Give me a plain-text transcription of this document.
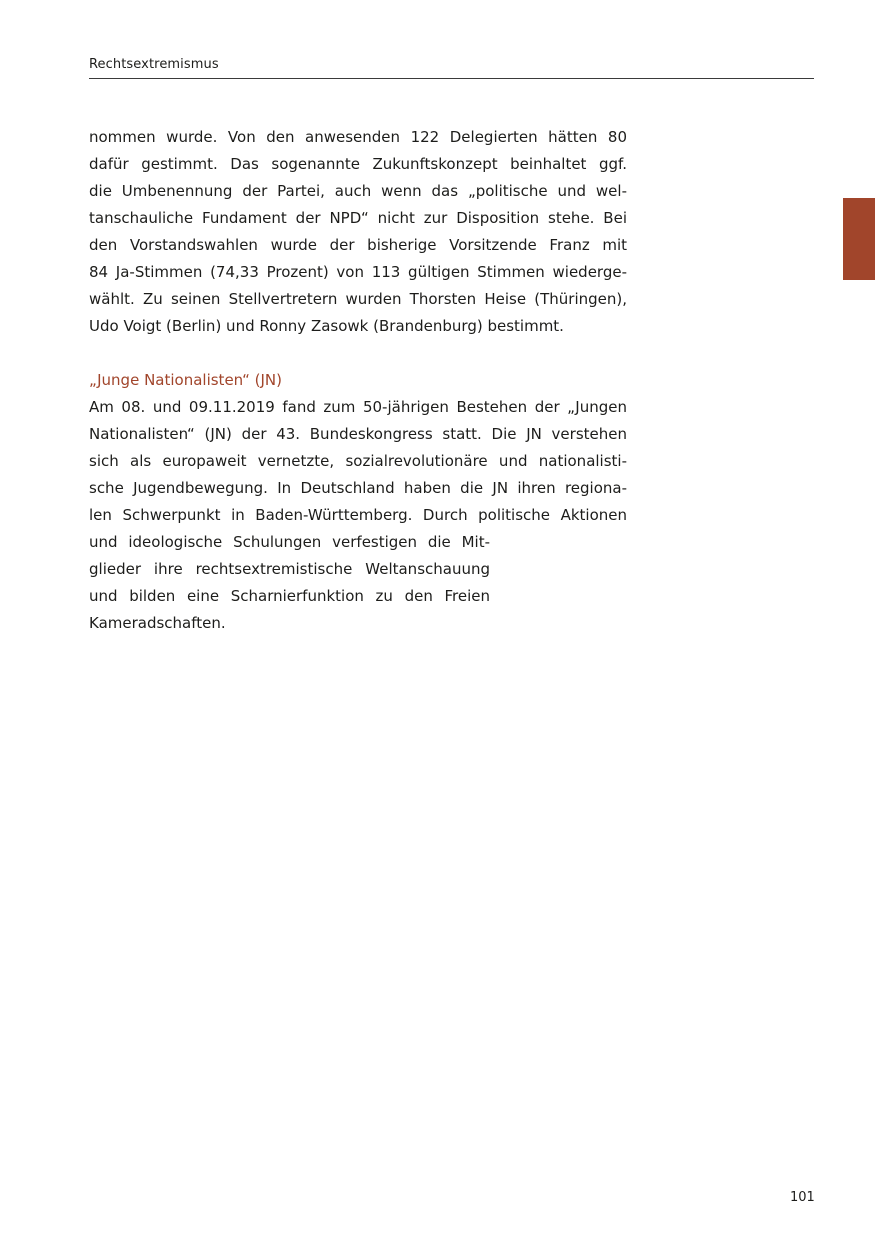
Rechtsextremismus
nommen wurde. Von den anwesenden 122 Delegierten hätten 80
dafür gestimmt. Das sogenannte Zukunftskonzept beinhaltet ggf.
die Umbenennung der Partei, auch wenn das „politische und wel-
tanschauliche Fundament der NPD“ nicht zur Disposition stehe. Bei
den Vorstandswahlen wurde der bisherige Vorsitzende Franz mit
84 Ja-Stimmen (74,33 Prozent) von 113 gültigen Stimmen wiederge-
wählt. Zu seinen Stellvertretern wurden Thorsten Heise (Thüringen),
Udo Voigt (Berlin) und Ronny Zasowk (Brandenburg) bestimmt.
„Junge Nationalisten“ (JN)
Am 08. und 09.11.2019 fand zum 50-jährigen Bestehen der „Jungen
Nationalisten“ (JN) der 43. Bundeskongress statt. Die JN verstehen
sich als europaweit vernetzte, sozialrevolutionäre und nationalisti-
sche Jugendbewegung. In Deutschland haben die JN ihren regiona-
len Schwerpunkt in Baden-Württemberg. Durch politische Aktionen
und ideologische Schulungen verfestigen die Mit-
glieder ihre rechtsextremistische Weltanschauung
und bilden eine Scharnierfunktion zu den Freien
Kameradschaften.
101
